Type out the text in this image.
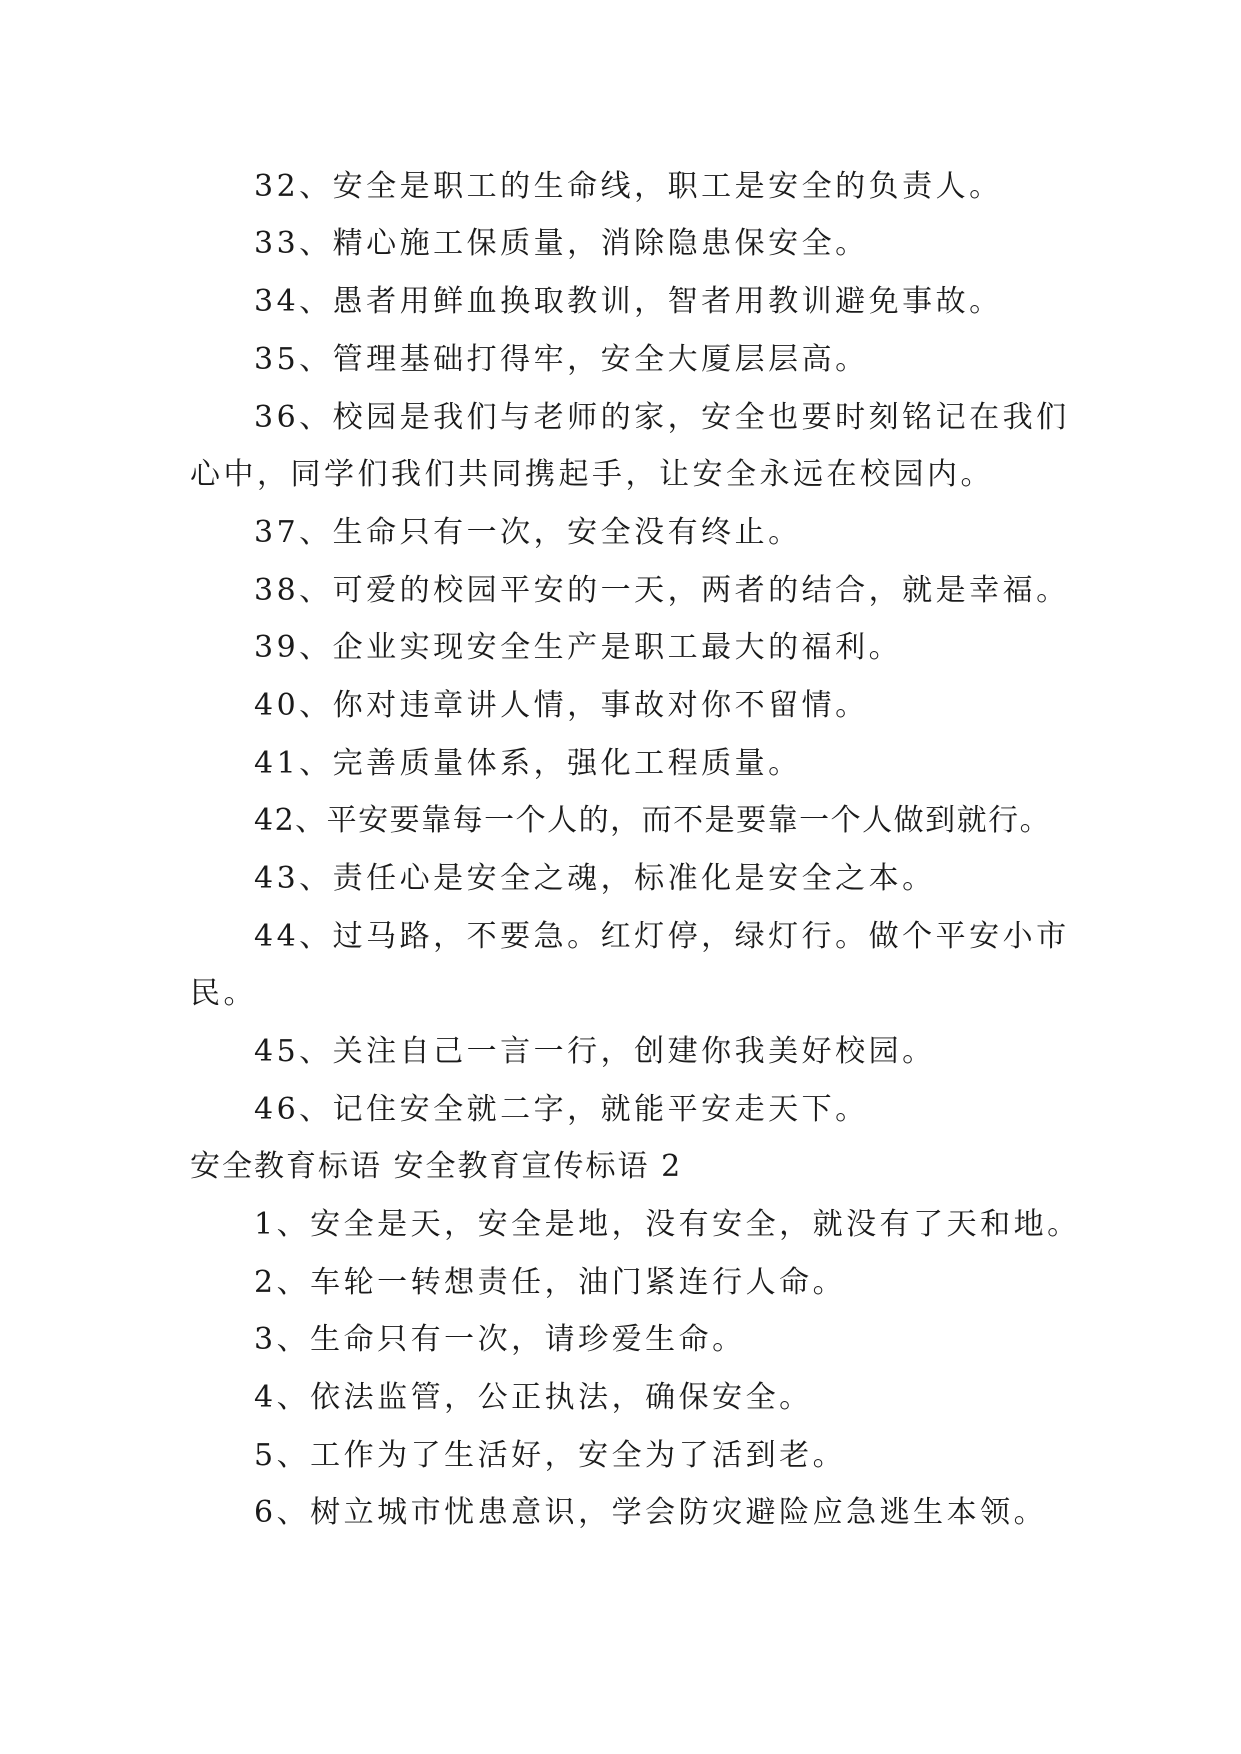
32、安全是职工的生命线，职工是安全的负责人。
33、精心施工保质量，消除隐患保安全。
34、愚者用鲜血换取教训，智者用教训避免事故。
35、管理基础打得牢，安全大厦层层高。
36、校园是我们与老师的家，安全也要时刻铭记在我们
心中，同学们我们共同携起手，让安全永远在校园内。
37、生命只有一次，安全没有终止。
38、可爱的校园平安的一天，两者的结合，就是幸福。
39、企业实现安全生产是职工最大的福利。
40、你对违章讲人情，事故对你不留情。
41、完善质量体系，强化工程质量。
42、平安要靠每一个人的，而不是要靠一个人做到就行。
43、责任心是安全之魂，标准化是安全之本。
44、过马路，不要急。红灯停，绿灯行。做个平安小市
民。
45、关注自己一言一行，创建你我美好校园。
46、记住安全就二字，就能平安走天下。
安全教育标语 安全教育宣传标语 2
1、安全是天，安全是地，没有安全，就没有了天和地。
2、车轮一转想责任，油门紧连行人命。
3、生命只有一次，请珍爱生命。
4、依法监管，公正执法，确保安全。
5、工作为了生活好，安全为了活到老。
6、树立城市忧患意识，学会防灾避险应急逃生本领。
